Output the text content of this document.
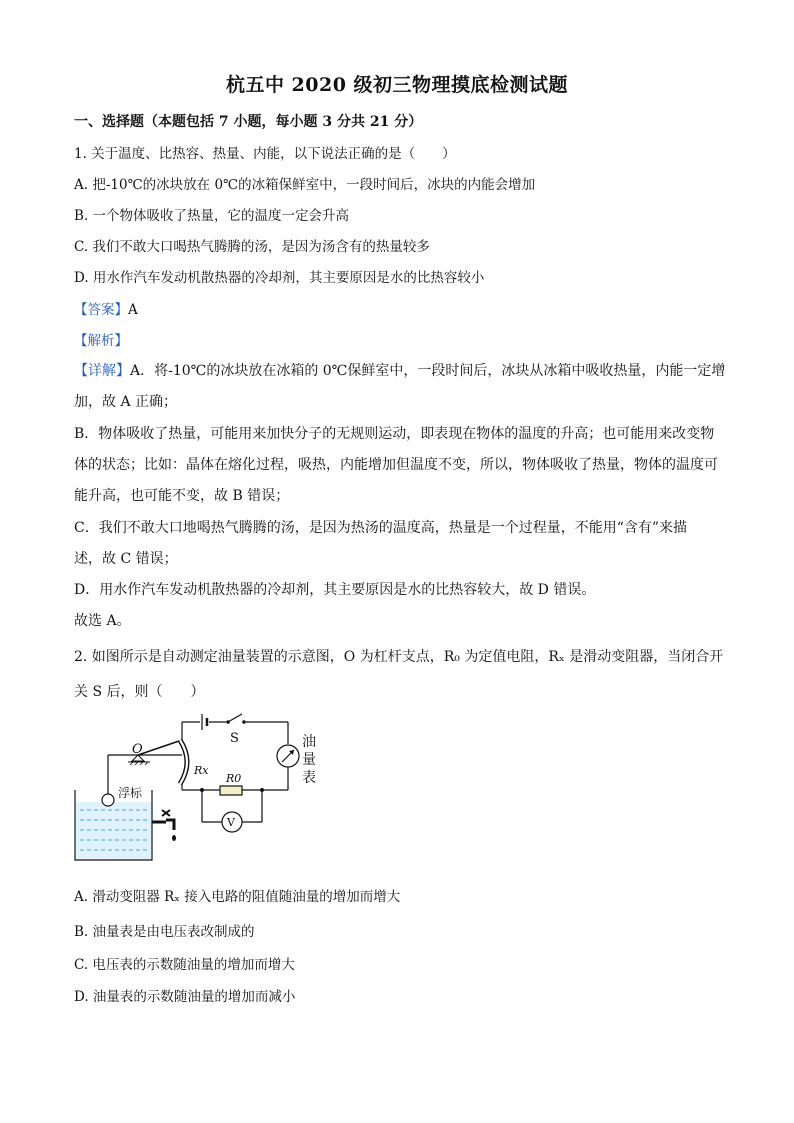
杭五中 2020 级初三物理摸底检测试题
一、选择题（本题包括 7 小题，每小题 3 分共 21 分）
1. 关于温度、比热容、热量、内能，以下说法正确的是（　　）
A. 把-10℃的冰块放在 0℃的冰箱保鲜室中，一段时间后，冰块的内能会增加
B. 一个物体吸收了热量，它的温度一定会升高
C. 我们不敢大口喝热气腾腾的汤，是因为汤含有的热量较多
D. 用水作汽车发动机散热器的冷却剂，其主要原因是水的比热容较小
【答案】A
【解析】
【详解】A．将-10℃的冰块放在冰箱的 0℃保鲜室中，一段时间后，冰块从冰箱中吸收热量，内能一定增
加，故 A 正确；
B．物体吸收了热量，可能用来加快分子的无规则运动，即表现在物体的温度的升高；也可能用来改变物
体的状态；比如：晶体在熔化过程，吸热，内能增加但温度不变，所以，物体吸收了热量，物体的温度可
能升高，也可能不变，故 B 错误；
C．我们不敢大口地喝热气腾腾的汤，是因为热汤的温度高，热量是一个过程量，不能用“含有”来描
述，故 C 错误；
D．用水作汽车发动机散热器的冷却剂，其主要原因是水的比热容较大，故 D 错误。
故选 A。
2. 如图所示是自动测定油量装置的示意图，O 为杠杆支点，R₀ 为定值电阻，Rₓ 是滑动变阻器，当闭合开
关 S 后，则（　　）
浮标
O
Rx
S	油
量
表
R0
V
A. 滑动变阻器 Rₓ 接入电路的阻值随油量的增加而增大
B. 油量表是由电压表改制成的
C. 电压表的示数随油量的增加而增大
D. 油量表的示数随油量的增加而减小
